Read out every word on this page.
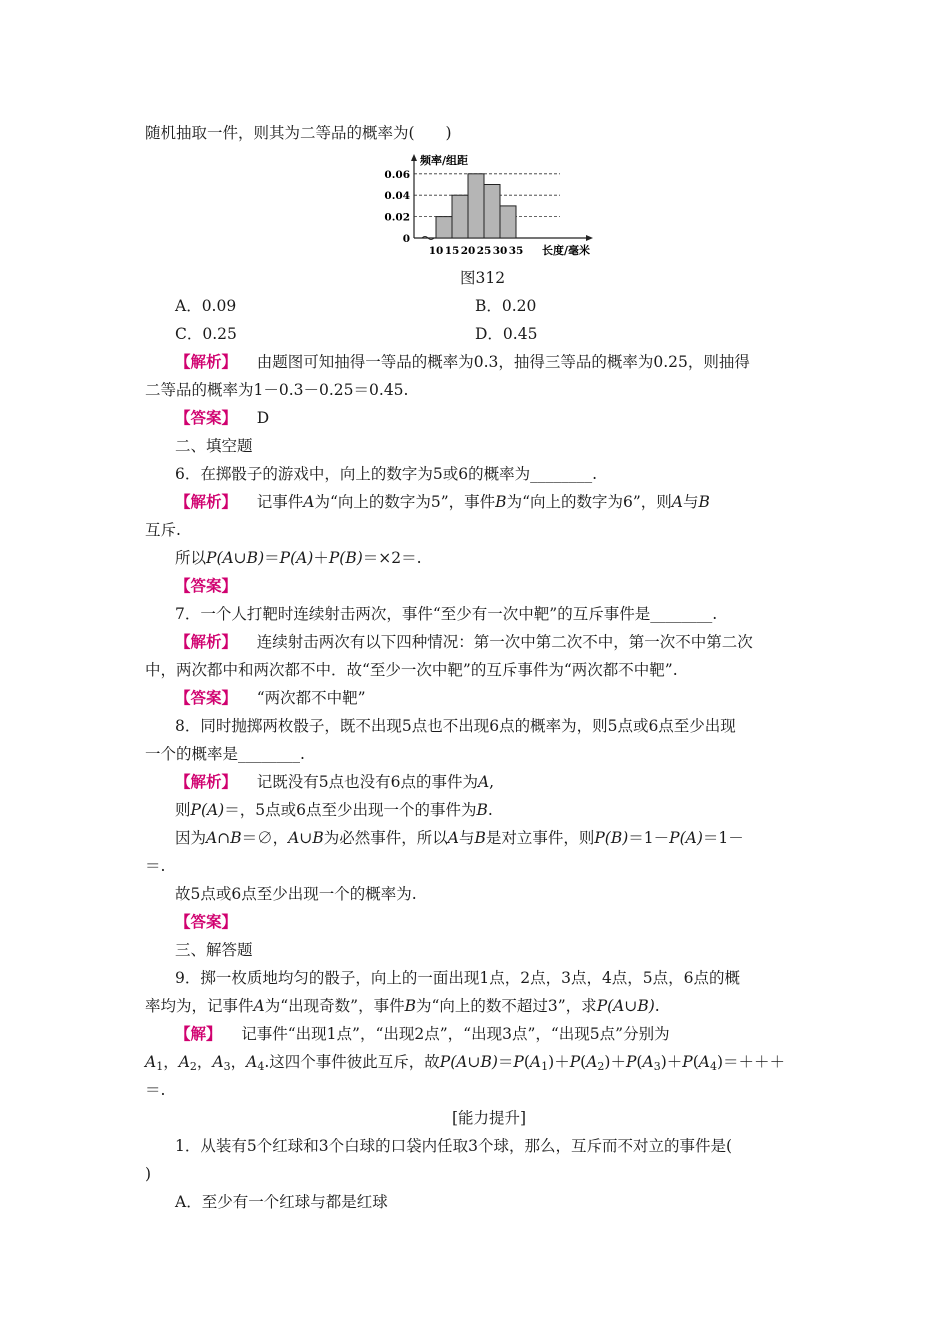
随机抽取一件，则其为二等品的概率为(　　)
频率/组距
长度/毫米
0.06
0.04
0.02
0
10 15 20 25 30 35
图312
A．0.09	B．0.20
C．0.25	D．0.45
【解析】 由题图可知抽得一等品的概率为0.3，抽得三等品的概率为0.25，则抽得
二等品的概率为1－0.3－0.25＝0.45.
【答案】 D
二、填空题
6．在掷骰子的游戏中，向上的数字为5或6的概率为________.
【解析】 记事件A为“向上的数字为5”，事件B为“向上的数字为6”，则A与B
互斥.
所以P(A∪B)＝P(A)＋P(B)＝×2＝.
【答案】
7．一个人打靶时连续射击两次，事件“至少有一次中靶”的互斥事件是________.
【解析】 连续射击两次有以下四种情况：第一次中第二次不中，第一次不中第二次
中，两次都中和两次都不中．故“至少一次中靶”的互斥事件为“两次都不中靶”.
【答案】 “两次都不中靶”
8．同时抛掷两枚骰子，既不出现5点也不出现6点的概率为，则5点或6点至少出现
一个的概率是________.
【解析】 记既没有5点也没有6点的事件为A,
则P(A)＝，5点或6点至少出现一个的事件为B.
因为A∩B＝∅，A∪B为必然事件，所以A与B是对立事件，则P(B)＝1－P(A)＝1－
＝.
故5点或6点至少出现一个的概率为.
【答案】
三、解答题
9．掷一枚质地均匀的骰子，向上的一面出现1点，2点，3点，4点，5点，6点的概
率均为，记事件A为“出现奇数”，事件B为“向上的数不超过3”，求P(A∪B).
【解】 记事件“出现1点”，“出现2点”，“出现3点”，“出现5点”分别为
$A_1$，$A_2$，$A_3$，$A_4$.这四个事件彼此互斥，故$P(A\cup B)=P(A_1)+P(A_2)+P(A_3)+P(A_4)=+++$
＝.
[能力提升]
1．从装有5个红球和3个白球的口袋内任取3个球，那么，互斥而不对立的事件是(
)
A．至少有一个红球与都是红球
